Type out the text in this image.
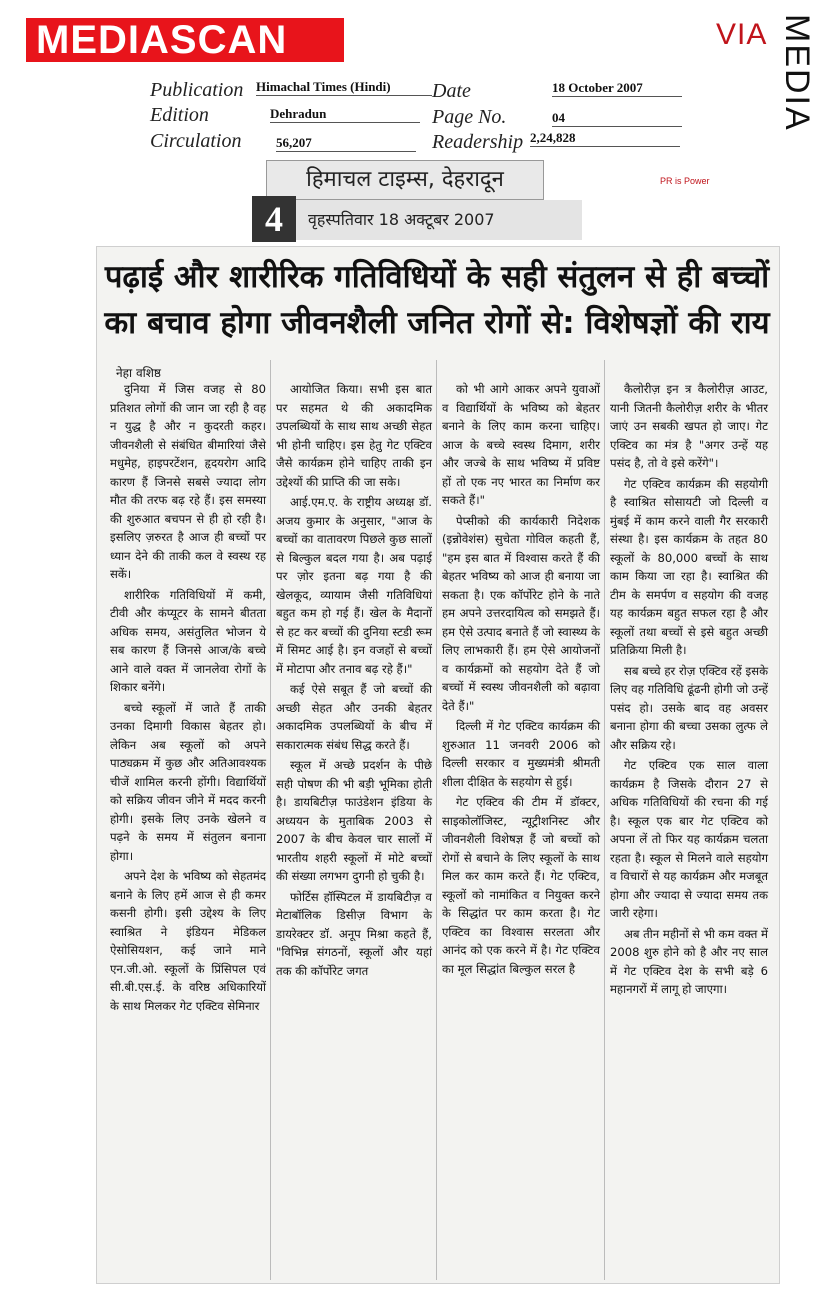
MEDIASCAN
Publication
Edition
Circulation
Date
Page No.
Readership
Himachal Times (Hindi)
Dehradun
56,207
18 October 2007
04
2,24,828
VIA MEDIA
PR is Power
हिमाचल टाइम्स, देहरादून
4	वृहस्पतिवार 18 अक्टूबर 2007
पढ़ाई और शारीरिक गतिविधियों के सही संतुलन से ही बच्चों का बचाव होगा जीवनशैली जनित रोगों से: विशेषज्ञों की राय
नेहा वशिष्ठ

दुनिया में जिस वजह से 80 प्रतिशत लोगों की जान जा रही है वह न युद्ध है और न कुदरती कहर। जीवनशैली से संबंधित बीमारियां जैसे मधुमेह, हाइपरटेंशन, हृदयरोग आदि कारण हैं जिनसे सबसे ज्यादा लोग मौत की तरफ बढ़ रहे हैं। इस समस्या की शुरुआत बचपन से ही हो रही है। इसलिए ज़रुरत है आज ही बच्चों पर ध्यान देने की ताकी कल वे स्वस्थ रह सकें।

शारीरिक गतिविधियों में कमी, टीवी और कंप्यूटर के सामने बीतता अधिक समय, असंतुलित भोजन ये सब कारण हैं जिनसे आज/के बच्चे आने वाले वक्त में जानलेवा रोगों के शिकार बनेंगे।

बच्चे स्कूलों में जाते हैं ताकी उनका दिमागी विकास बेहतर हो। लेकिन अब स्कूलों को अपने पाठ्यक्रम में कुछ और अतिआवश्यक चीजें शामिल करनी होंगी। विद्यार्थियों को सक्रिय जीवन जीने में मदद करनी होगी। इसके लिए उनके खेलने व पढ़ने के समय में संतुलन बनाना होगा।

अपने देश के भविष्य को सेहतमंद बनाने के लिए हमें आज से ही कमर कसनी होगी। इसी उद्देश्य के लिए स्वाश्रित ने इंडियन मेडिकल ऐसोसियशन, कई जाने माने एन.जी.ओ. स्कूलों के प्रिंसिपल एवं सी.बी.एस.ई. के वरिष्ठ अधिकारियों के साथ मिलकर गेट एक्टिव सेमिनार

आयोजित किया। सभी इस बात पर सहमत थे की अकादमिक उपलब्धियों के साथ साथ अच्छी सेहत भी होनी चाहिए। इस हेतु गेट एक्टिव जैसे कार्यक्रम होने चाहिए ताकी इन उद्देश्यों की प्राप्ति की जा सके।

आई.एम.ए. के राष्ट्रीय अध्यक्ष डॉ. अजय कुमार के अनुसार, "आज के बच्चों का वातावरण पिछले कुछ सालों से बिल्कुल बदल गया है। अब पढ़ाई पर ज़ोर इतना बढ़ गया है की खेलकूद, व्यायाम जैसी गतिविधियां बहुत कम हो गई हैं। खेल के मैदानों से हट कर बच्चों की दुनिया स्टडी रूम में सिमट आई है। इन वजहों से बच्चों में मोटापा और तनाव बढ़ रहे हैं।"

कई ऐसे सबूत हैं जो बच्चों की अच्छी सेहत और उनकी बेहतर अकादमिक उपलब्धियों के बीच में सकारात्मक संबंध सिद्ध करते हैं।

स्कूल में अच्छे प्रदर्शन के पीछे सही पोषण की भी बड़ी भूमिका होती है। डायबिटीज़ फाउंडेशन इंडिया के अध्ययन के मुताबिक 2003 से 2007 के बीच केवल चार सालों में भारतीय शहरी स्कूलों में मोटे बच्चों की संख्या लगभग दुगनी हो चुकी है।

फोर्टिस हॉस्पिटल में डायबिटीज़ व मेटाबॉलिक डिसीज़ विभाग के डायरेक्टर डॉ. अनूप मिश्रा कहते हैं, "विभिन्न संगठनों, स्कूलों और यहां तक की कॉर्पोरेट जगत

को भी आगे आकर अपने युवाओं व विद्यार्थियों के भविष्य को बेहतर बनाने के लिए काम करना चाहिए। आज के बच्चे स्वस्थ दिमाग, शरीर और जज्बे के साथ भविष्य में प्रविष्ट हों तो एक नए भारत का निर्माण कर सकते हैं।"

पेप्सीको की कार्यकारी निदेशक (इन्नोवेशंस) सुचेता गोविल कहती हैं, "हम इस बात में विश्वास करते हैं की बेहतर भविष्य को आज ही बनाया जा सकता है। एक कॉर्पोरेट होने के नाते हम अपने उत्तरदायित्व को समझते हैं। हम ऐसे उत्पाद बनाते हैं जो स्वास्थ्य के लिए लाभकारी हैं। हम ऐसे आयोजनों व कार्यक्रमों को सहयोग देते हैं जो बच्चों में स्वस्थ जीवनशैली को बढ़ावा देते हैं।"

दिल्ली में गेट एक्टिव कार्यक्रम की शुरुआत 11 जनवरी 2006 को दिल्ली सरकार व मुख्यमंत्री श्रीमती शीला दीक्षित के सहयोग से हुई।

गेट एक्टिव की टीम में डॉक्टर, साइकोलॉजिस्ट, न्यूट्रीशनिस्ट और जीवनशैली विशेषज्ञ हैं जो बच्चों को रोगों से बचाने के लिए स्कूलों के साथ मिल कर काम करते हैं। गेट एक्टिव, स्कूलों को नामांकित व नियुक्त करने के सिद्धांत पर काम करता है। गेट एक्टिव का विश्वास सरलता और आनंद को एक करने में है। गेट एक्टिव का मूल सिद्धांत बिल्कुल सरल है

कैलोरीज़ इन त्र कैलोरीज़ आउट, यानी जितनी कैलोरीज़ शरीर के भीतर जाएं उन सबकी खपत हो जाए। गेट एक्टिव का मंत्र है "अगर उन्हें यह पसंद है, तो वे इसे करेंगे"।

गेट एक्टिव कार्यक्रम की सहयोगी है स्वाश्रित सोसायटी जो दिल्ली व मुंबई में काम करने वाली गैर सरकारी संस्था है। इस कार्यक्रम के तहत 80 स्कूलों के 80,000 बच्चों के साथ काम किया जा रहा है। स्वाश्रित की टीम के समर्पण व सहयोग की वजह यह कार्यक्रम बहुत सफल रहा है और स्कूलों तथा बच्चों से इसे बहुत अच्छी प्रतिक्रिया मिली है।

सब बच्चे हर रोज़ एक्टिव रहें इसके लिए वह गतिविधि ढूंढनी होगी जो उन्हें पसंद हो। उसके बाद वह अवसर बनाना होगा की बच्चा उसका लुत्फ ले और सक्रिय रहे।

गेट एक्टिव एक साल वाला कार्यक्रम है जिसके दौरान 27 से अधिक गतिविधियों की रचना की गई है। स्कूल एक बार गेट एक्टिव को अपना लें तो फिर यह कार्यक्रम चलता रहता है। स्कूल से मिलने वाले सहयोग व विचारों से यह कार्यक्रम और मजबूत होगा और ज्यादा से ज्यादा समय तक जारी रहेगा।

अब तीन महीनों से भी कम वक्त में 2008 शुरु होने को है और नए साल में गेट एक्टिव देश के सभी बड़े 6 महानगरों में लागू हो जाएगा।
